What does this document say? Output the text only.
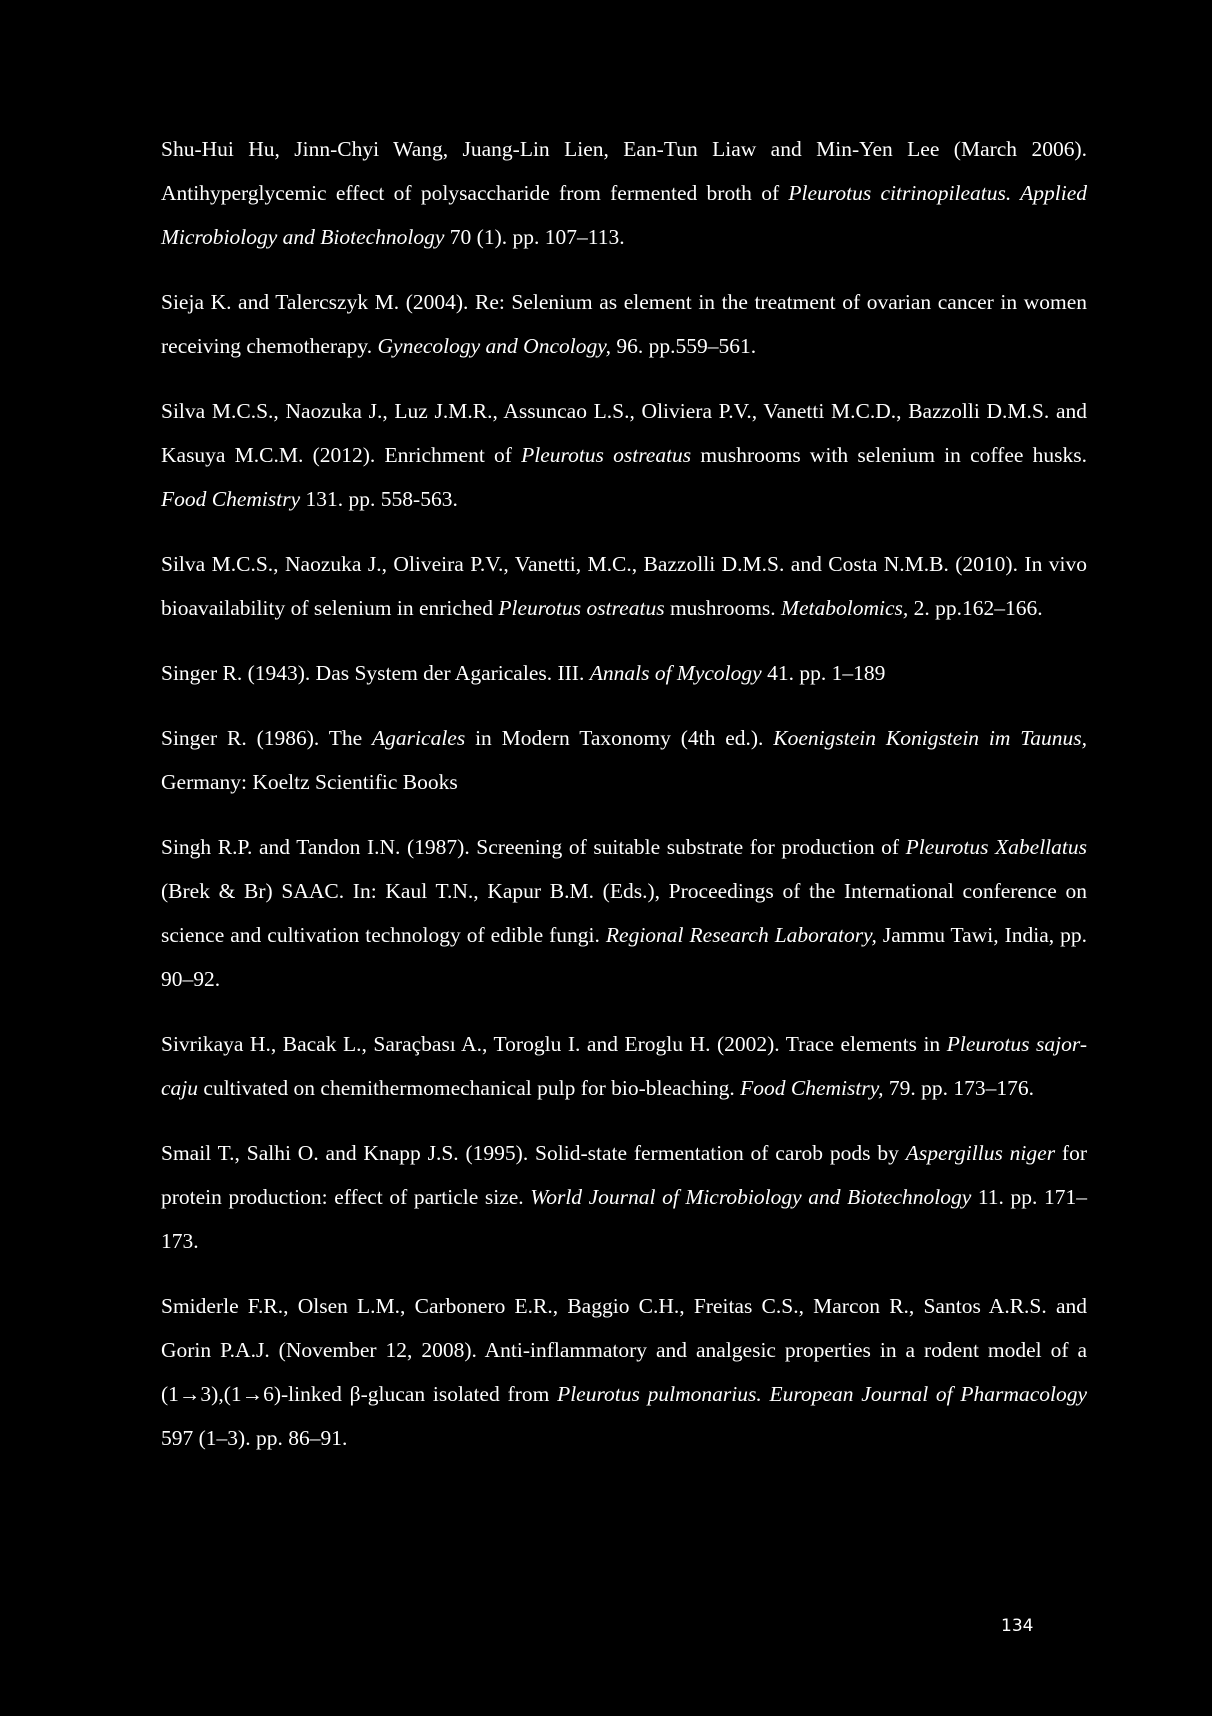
Shu-Hui Hu, Jinn-Chyi Wang, Juang-Lin Lien, Ean-Tun Liaw and Min-Yen Lee (March 2006). Antihyperglycemic effect of polysaccharide from fermented broth of Pleurotus citrinopileatus. Applied Microbiology and Biotechnology 70 (1). pp. 107–113.

Sieja K. and Talercszyk M. (2004). Re: Selenium as element in the treatment of ovarian cancer in women receiving chemotherapy. Gynecology and Oncology, 96. pp.559–561.

Silva M.C.S., Naozuka J., Luz J.M.R., Assuncao L.S., Oliviera P.V., Vanetti M.C.D., Bazzolli D.M.S. and Kasuya M.C.M. (2012). Enrichment of Pleurotus ostreatus mushrooms with selenium in coffee husks. Food Chemistry 131. pp. 558-563.

Silva M.C.S., Naozuka J., Oliveira P.V., Vanetti, M.C., Bazzolli D.M.S. and Costa N.M.B. (2010). In vivo bioavailability of selenium in enriched Pleurotus ostreatus mushrooms. Metabolomics, 2. pp.162–166.

Singer R. (1943). Das System der Agaricales. III. Annals of Mycology 41. pp. 1–189

Singer R. (1986). The Agaricales in Modern Taxonomy (4th ed.). Koenigstein Konigstein im Taunus, Germany: Koeltz Scientific Books

Singh R.P. and Tandon I.N. (1987). Screening of suitable substrate for production of Pleurotus Xabellatus (Brek & Br) SAAC. In: Kaul T.N., Kapur B.M. (Eds.), Proceedings of the International conference on science and cultivation technology of edible fungi. Regional Research Laboratory, Jammu Tawi, India, pp. 90–92.

Sivrikaya H., Bacak L., Saraçbası A., Toroglu I. and Eroglu H. (2002). Trace elements in Pleurotus sajor-caju cultivated on chemithermomechanical pulp for bio-bleaching. Food Chemistry, 79. pp. 173–176.

Smail T., Salhi O. and Knapp J.S. (1995). Solid-state fermentation of carob pods by Aspergillus niger for protein production: effect of particle size. World Journal of Microbiology and Biotechnology 11. pp. 171–173.

Smiderle F.R., Olsen L.M., Carbonero E.R., Baggio C.H., Freitas C.S., Marcon R., Santos A.R.S. and Gorin P.A.J. (November 12, 2008). Anti-inflammatory and analgesic properties in a rodent model of a (1→3),(1→6)-linked β-glucan isolated from Pleurotus pulmonarius. European Journal of Pharmacology 597 (1–3). pp. 86–91.

134
